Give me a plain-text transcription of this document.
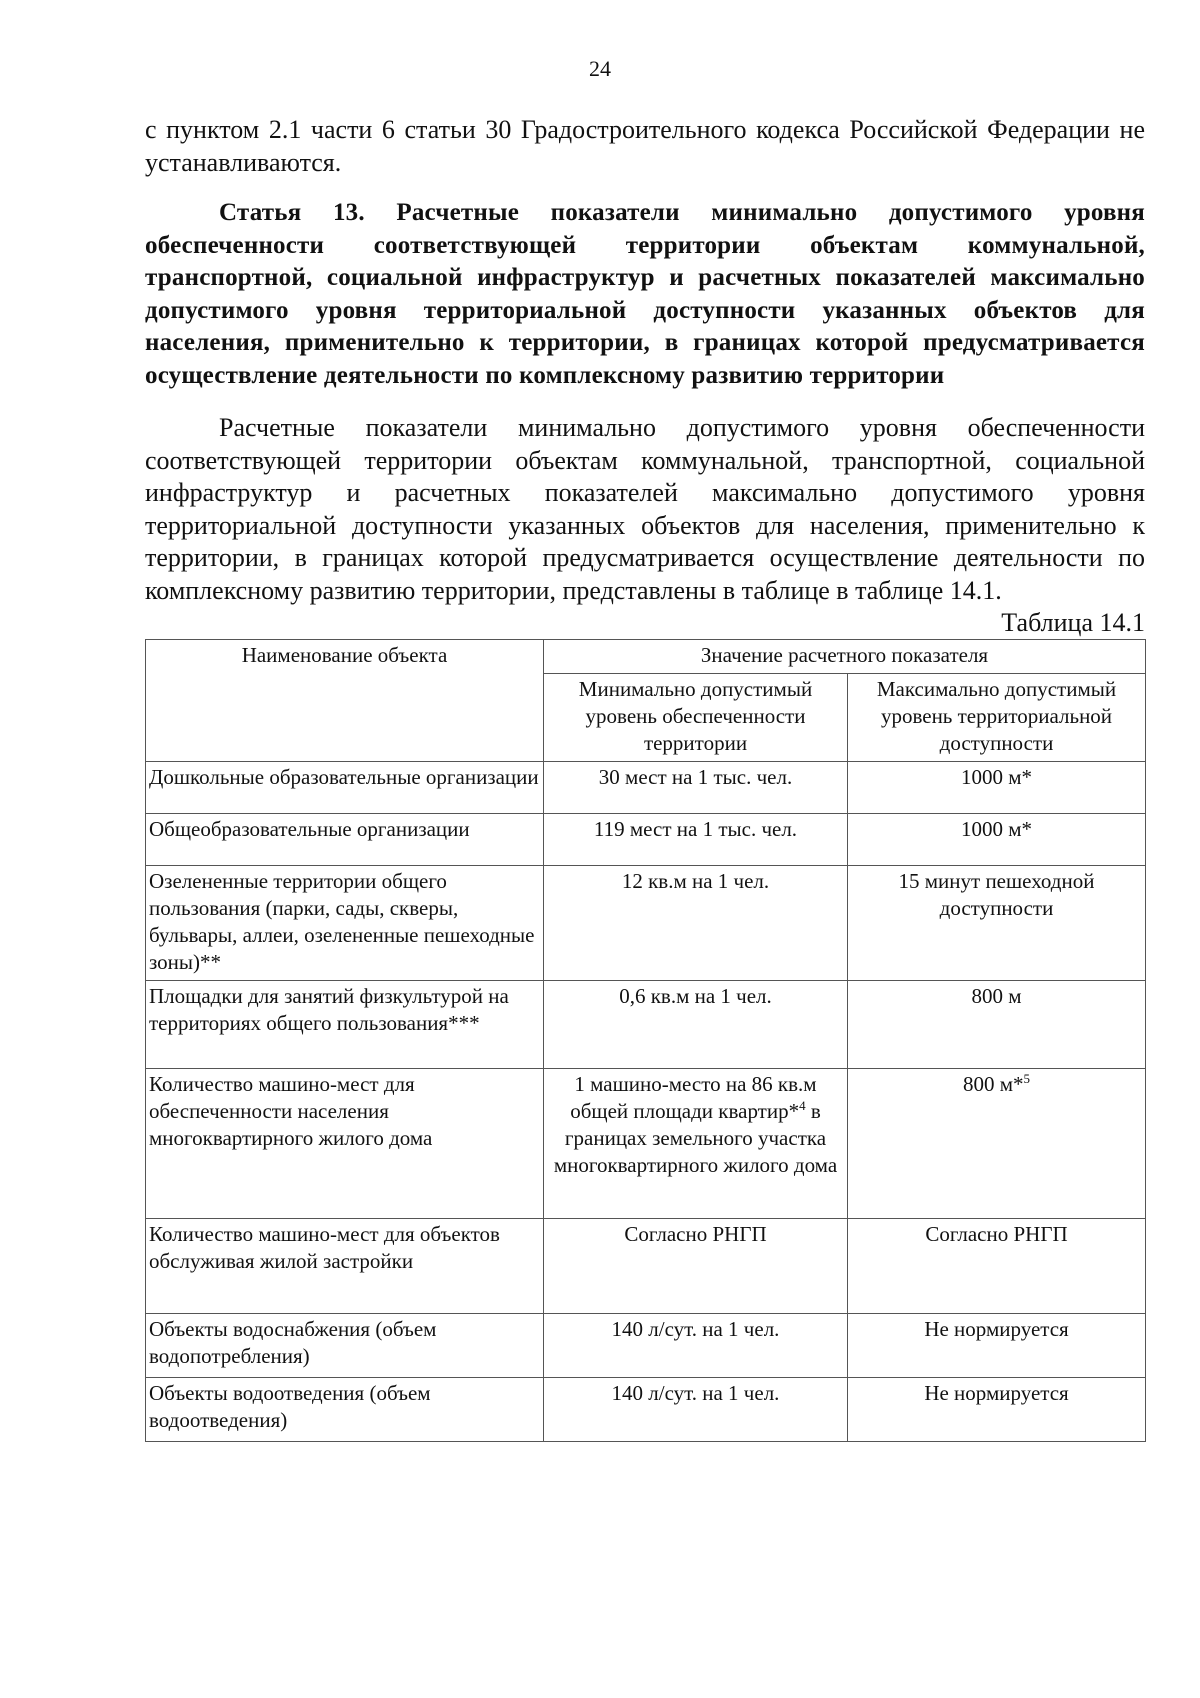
24

с пунктом 2.1 части 6 статьи 30 Градостроительного кодекса Российской Федерации не устанавливаются.

Статья 13. Расчетные показатели минимально допустимого уровня обеспеченности соответствующей территории объектам коммунальной, транспортной, социальной инфраструктур и расчетных показателей максимально допустимого уровня территориальной доступности указанных объектов для населения, применительно к территории, в границах которой предусматривается осуществление деятельности по комплексному развитию территории

Расчетные показатели минимально допустимого уровня обеспеченности соответствующей территории объектам коммунальной, транспортной, социальной инфраструктур и расчетных показателей максимально допустимого уровня территориальной доступности указанных объектов для населения, применительно к территории, в границах которой предусматривается осуществление деятельности по комплексному развитию территории, представлены в таблице в таблице 14.1.

Таблица 14.1

Наименование объекта	Значение расчетного показателя	
	Минимально допустимый уровень обеспеченности территории	Максимально допустимый уровень территориальной доступности
Дошкольные образовательные организации	30 мест на 1 тыс. чел.	1000 м*
Общеобразовательные организации	119 мест на 1 тыс. чел.	1000 м*
Озелененные территории общего пользования (парки, сады, скверы, бульвары, аллеи, озелененные пешеходные зоны)**	12 кв.м на 1 чел.	15 минут пешеходной доступности
Площадки для занятий физкультурой на территориях общего пользования***	0,6 кв.м на 1 чел.	800 м
Количество машино-мест для обеспеченности населения многоквартирного жилого дома	1 машино-место на 86 кв.м общей площади квартир*$^4$ в границах земельного участка многоквартирного жилого дома	800 м*$^5$
Количество машино-мест для объектов обслуживая жилой застройки	Согласно РНГП	Согласно РНГП
Объекты водоснабжения (объем водопотребления)	140 л/сут. на 1 чел.	Не нормируется
Объекты водоотведения (объем водоотведения)	140 л/сут. на 1 чел.	Не нормируется
